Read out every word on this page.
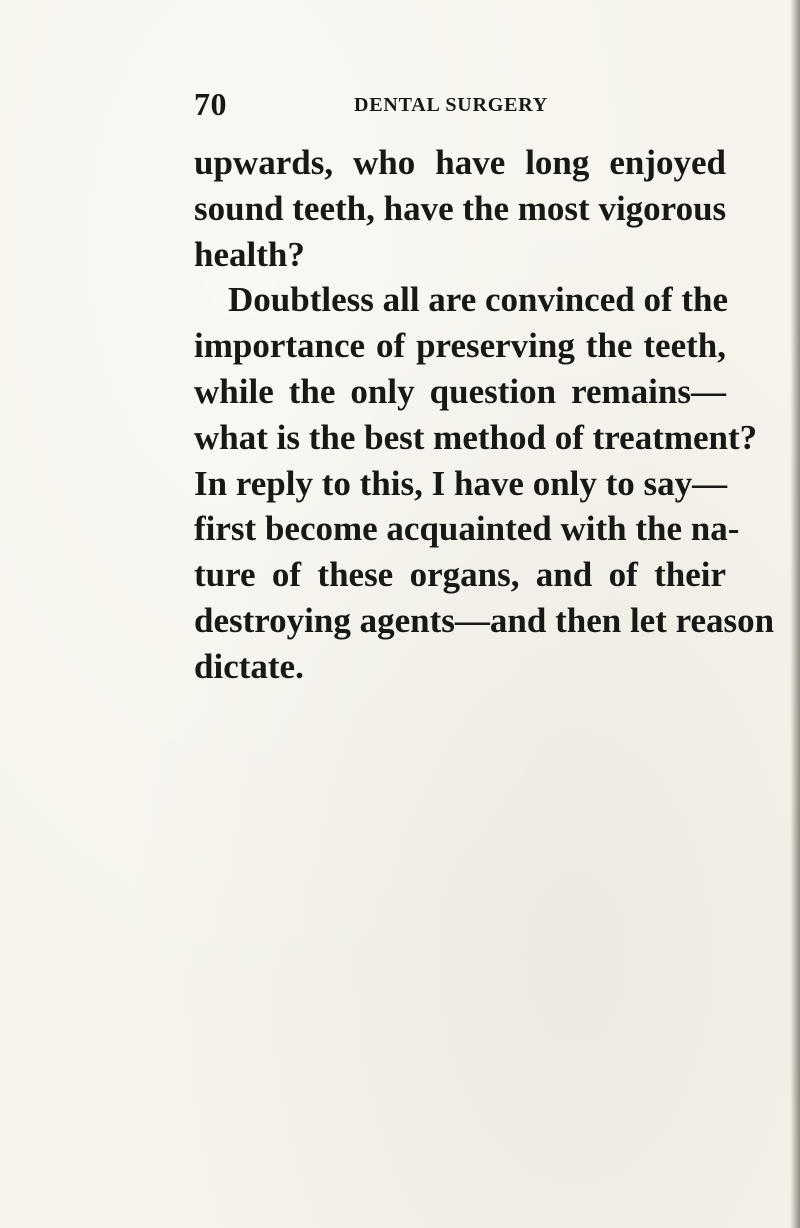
70	DENTAL SURGERY
upwards, who have long enjoyed
sound teeth, have the most vigorous
health?
Doubtless all are convinced of the
importance of preserving the teeth,
while the only question remains—
what is the best method of treatment?
In reply to this, I have only to say—
first become acquainted with the na-
ture of these organs, and of their
destroying agents—and then let reason
dictate.
